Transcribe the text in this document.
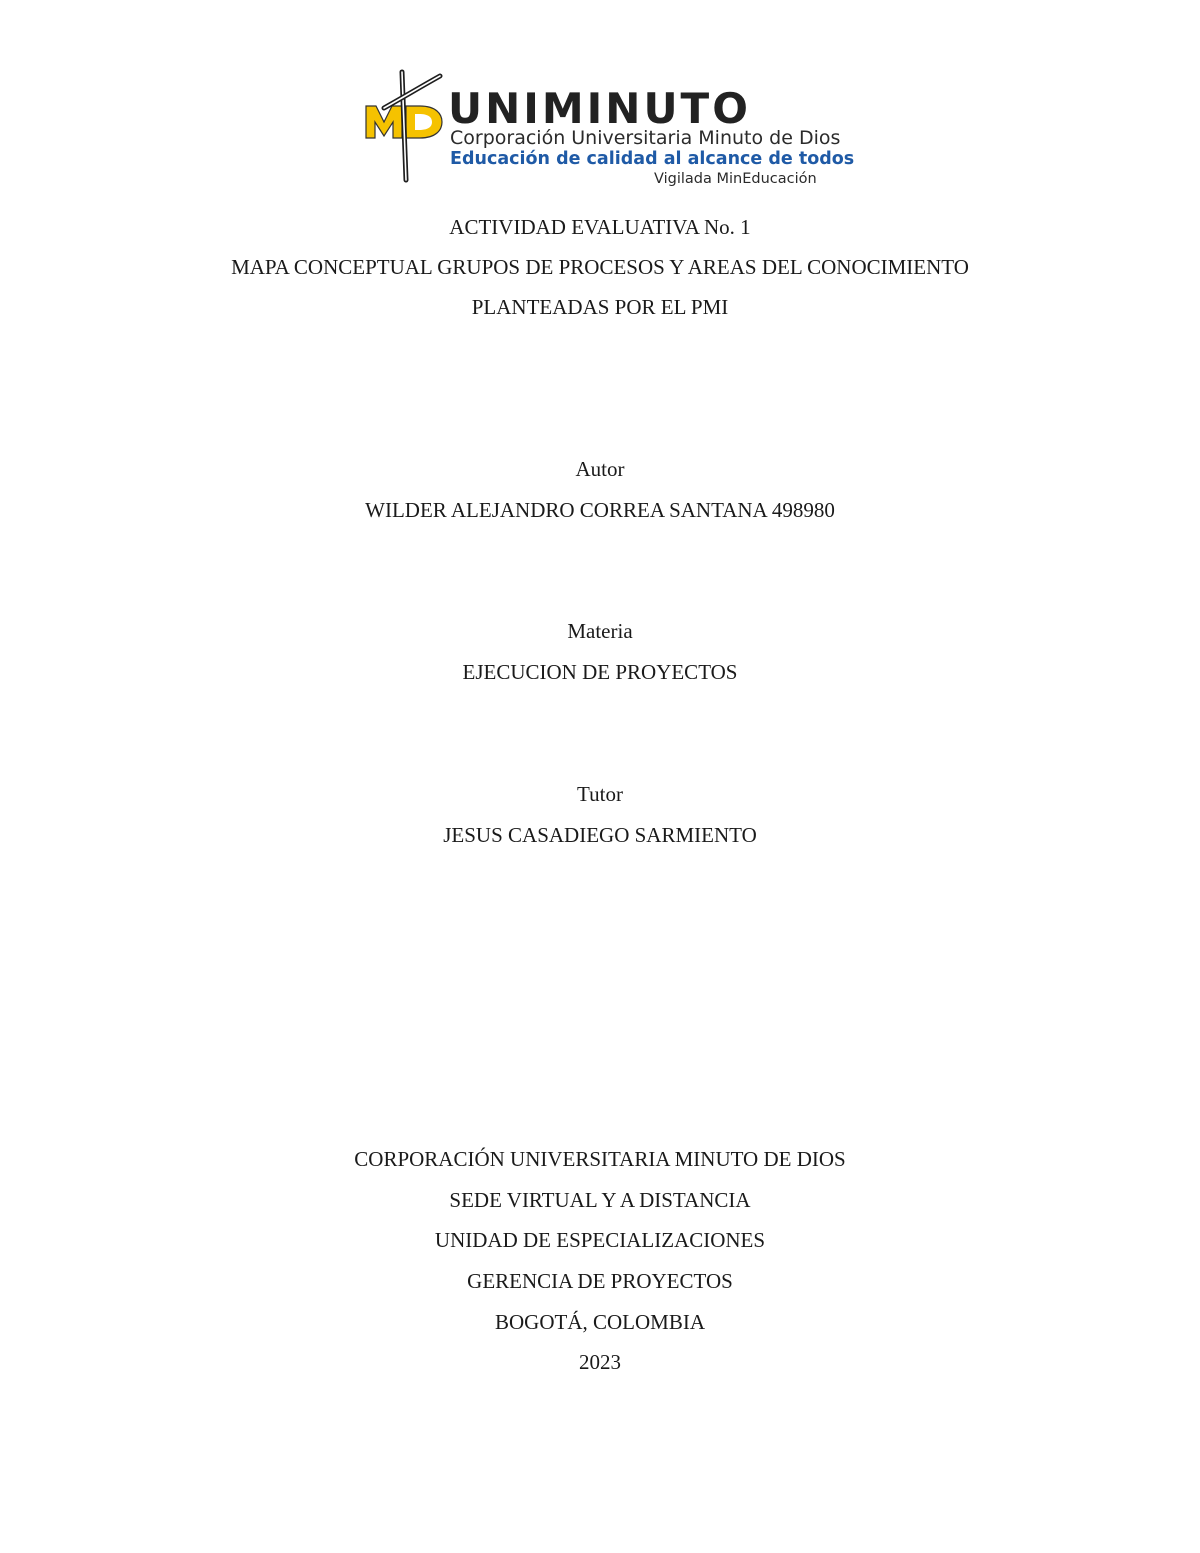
UNIMINUTO
Corporación Universitaria Minuto de Dios
Educación de calidad al alcance de todos
Vigilada MinEducación
ACTIVIDAD EVALUATIVA No. 1
MAPA CONCEPTUAL GRUPOS DE PROCESOS Y AREAS DEL CONOCIMIENTO
PLANTEADAS POR EL PMI
Autor
WILDER ALEJANDRO CORREA SANTANA 498980
Materia
EJECUCION DE PROYECTOS
Tutor
JESUS CASADIEGO SARMIENTO
CORPORACIÓN UNIVERSITARIA MINUTO DE DIOS
SEDE VIRTUAL Y A DISTANCIA
UNIDAD DE ESPECIALIZACIONES
GERENCIA DE PROYECTOS
BOGOTÁ, COLOMBIA
2023
